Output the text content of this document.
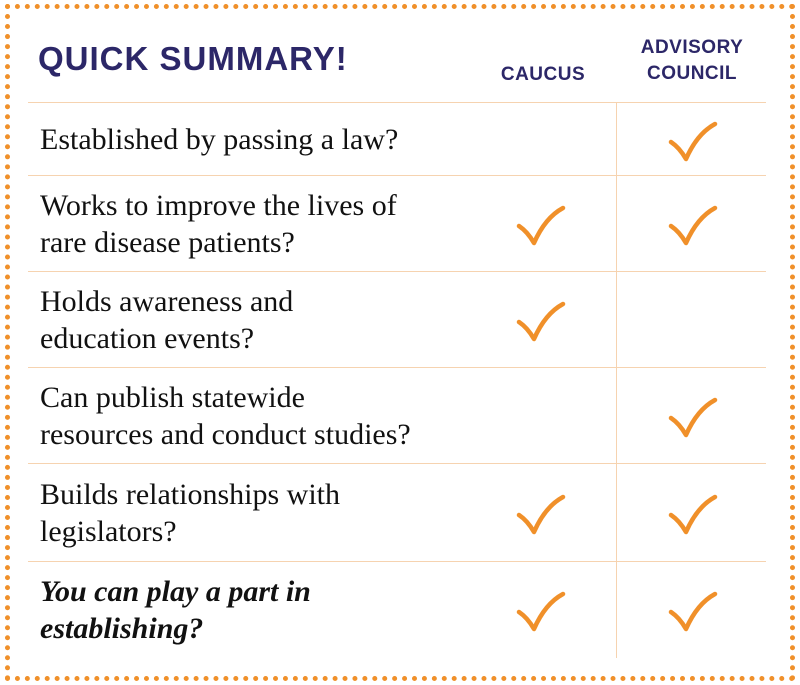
QUICK SUMMARY!	CAUCUS
ADVISORY
COUNCIL
Established by passing a law?
Works to improve the lives of
rare disease patients?
Holds awareness and
education events?
Can publish statewide
resources and conduct studies?
Builds relationships with
legislators?
You can play a part in
establishing?
